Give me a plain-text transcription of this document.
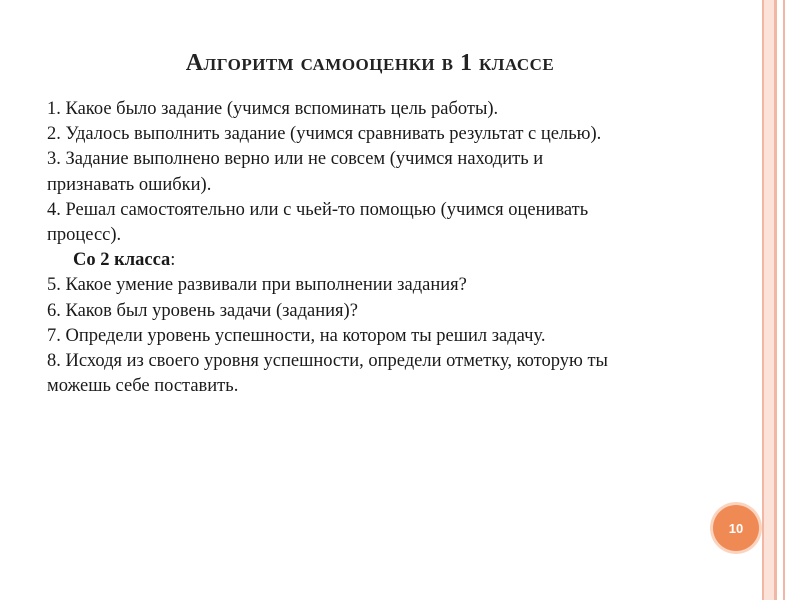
Алгоритм самооценки в 1 классе
1. Какое было задание (учимся вспоминать цель работы).
2. Удалось выполнить задание (учимся сравнивать результат с целью).
3. Задание выполнено верно или не совсем (учимся находить и
признавать ошибки).
4. Решал самостоятельно или с чьей-то помощью (учимся оценивать
процесс).
Со 2 класса:
5. Какое умение развивали при выполнении задания?
6. Каков был уровень задачи (задания)?
7. Определи уровень успешности, на котором ты решил задачу.
8. Исходя из своего уровня успешности, определи отметку, которую ты
можешь себе поставить.
10
